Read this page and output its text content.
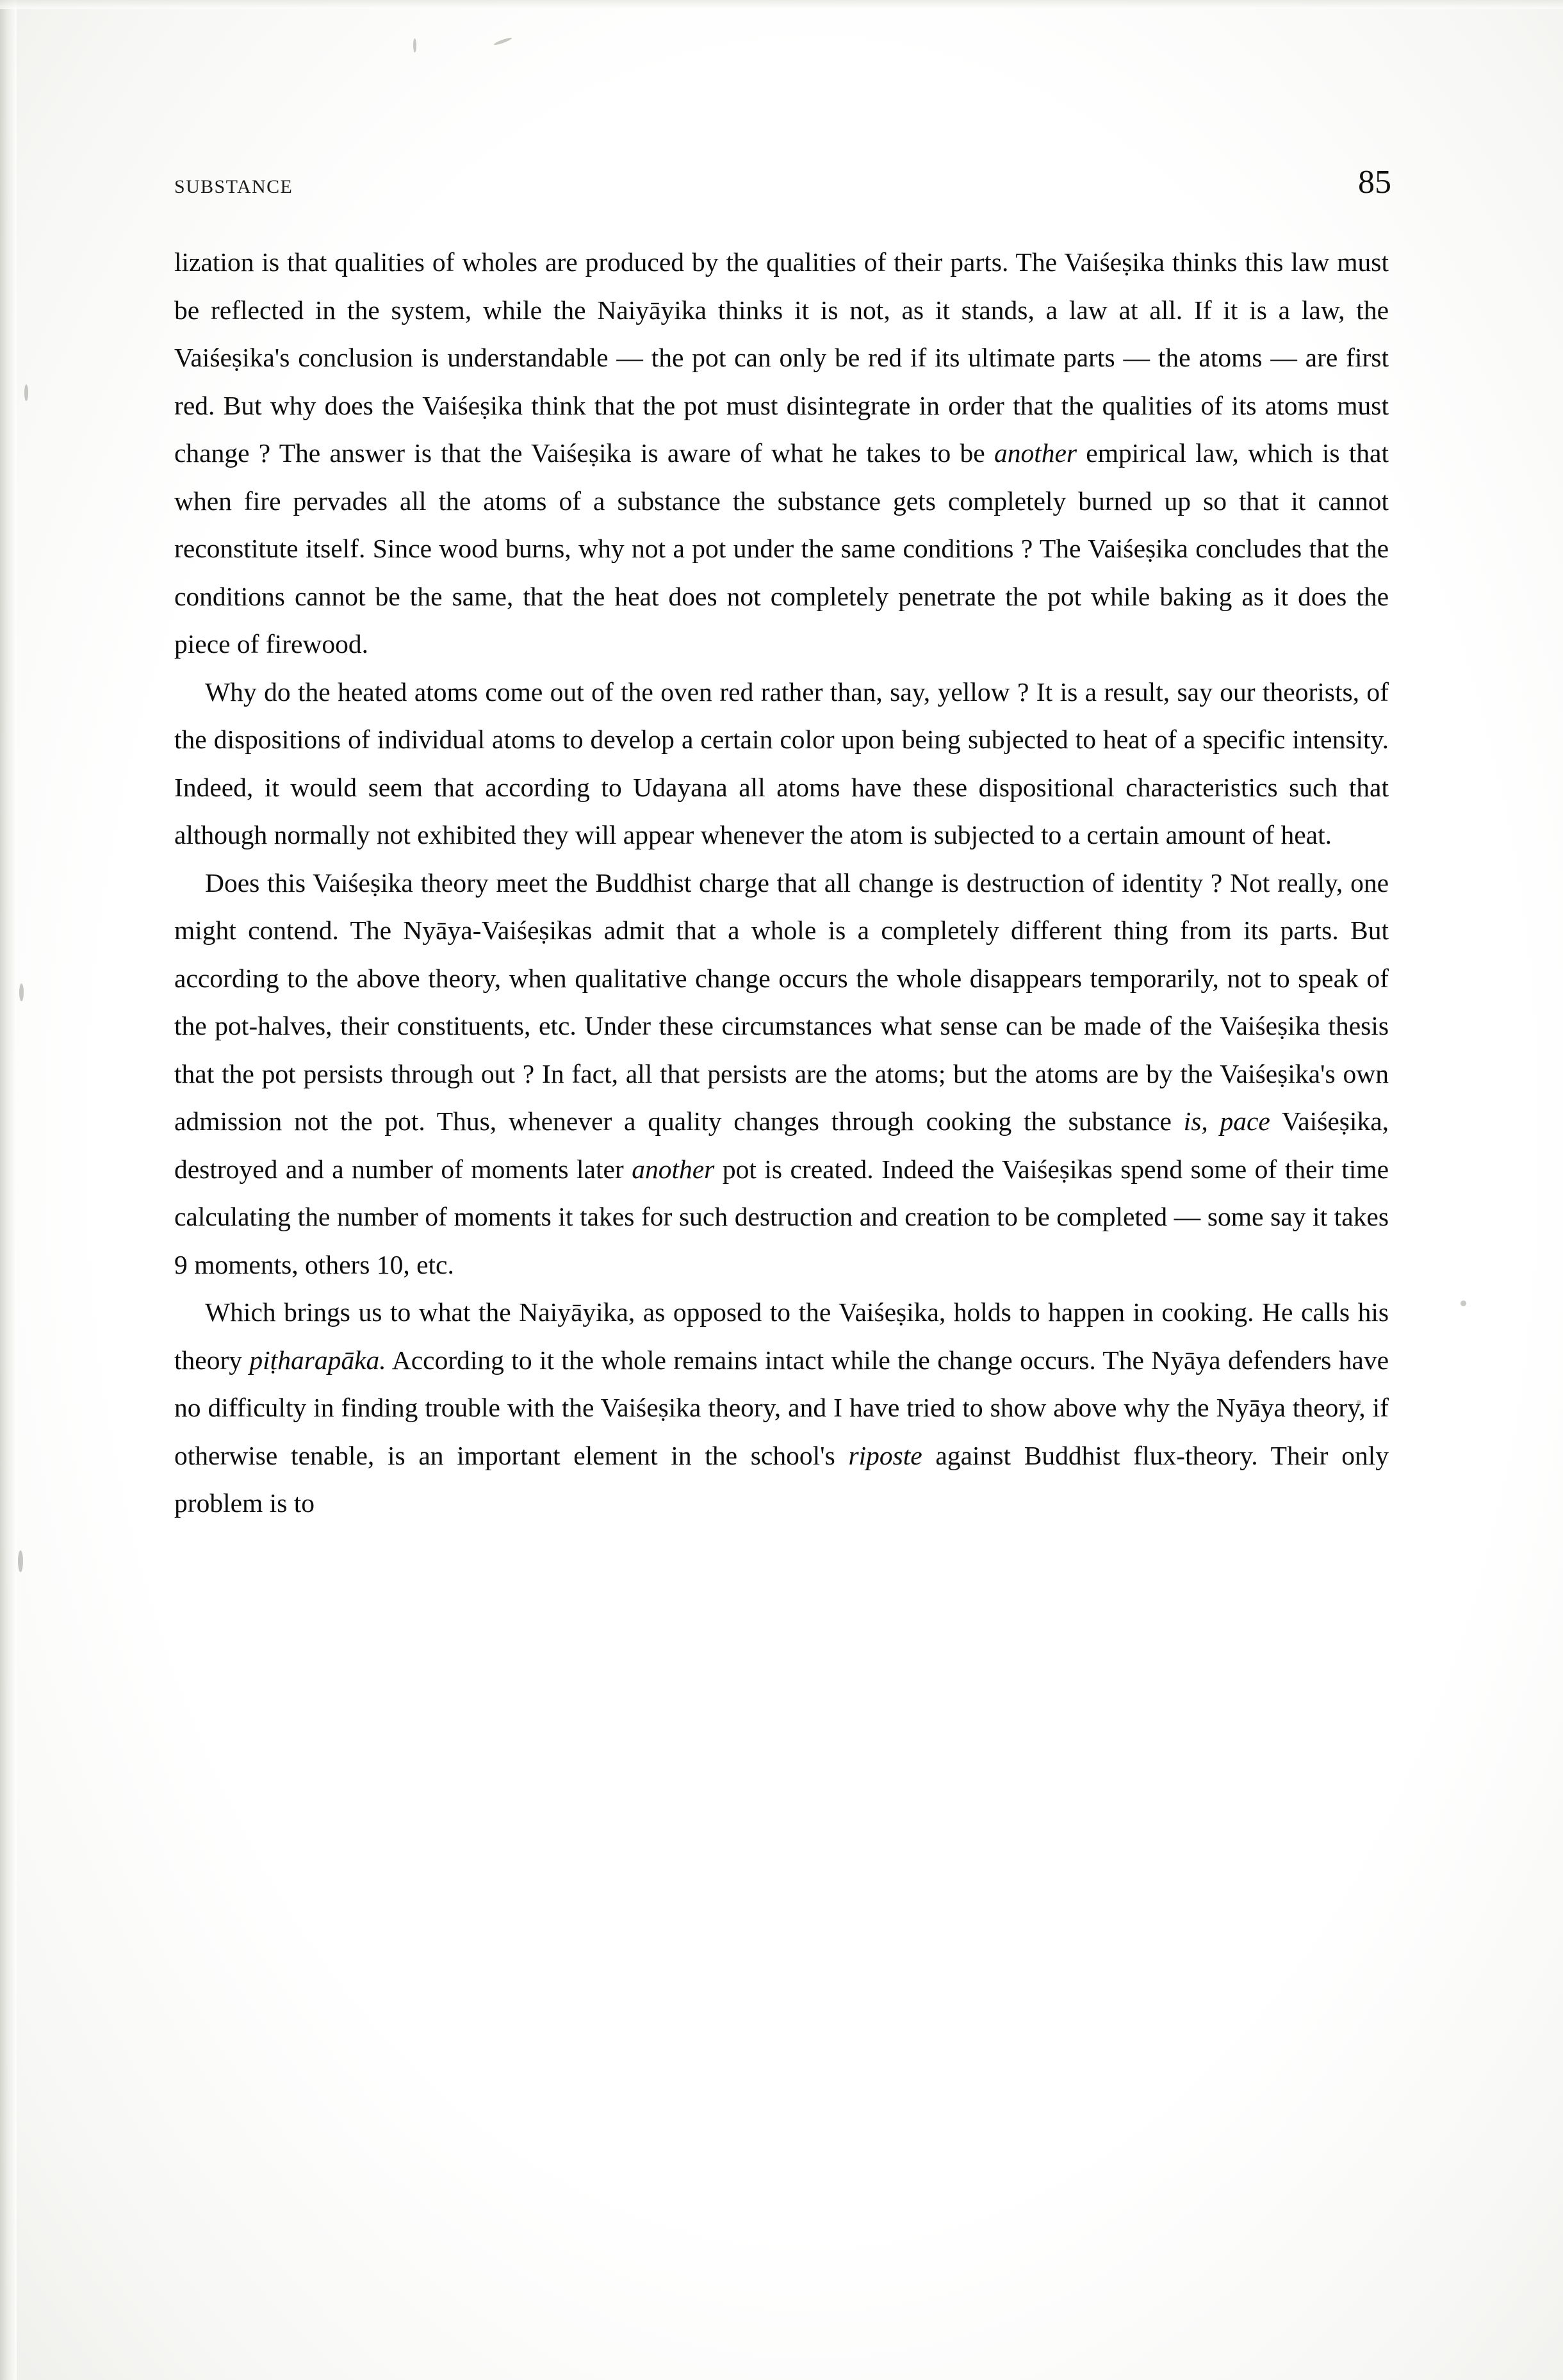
SUBSTANCE	85

lization is that qualities of wholes are produced by the qualities of their parts. The Vaiśeṣika thinks this law must be reflected in the system, while the Naiyāyika thinks it is not, as it stands, a law at all. If it is a law, the Vaiśeṣika's conclusion is understandable — the pot can only be red if its ultimate parts — the atoms — are first red. But why does the Vaiśeṣika think that the pot must disintegrate in order that the qualities of its atoms must change ? The answer is that the Vaiśeṣika is aware of what he takes to be another empirical law, which is that when fire pervades all the atoms of a substance the substance gets completely burned up so that it cannot reconstitute itself. Since wood burns, why not a pot under the same conditions ? The Vaiśeṣika concludes that the conditions cannot be the same, that the heat does not completely penetrate the pot while baking as it does the piece of firewood.

Why do the heated atoms come out of the oven red rather than, say, yellow ? It is a result, say our theorists, of the dispositions of individual atoms to develop a certain color upon being subjected to heat of a specific intensity. Indeed, it would seem that according to Udayana all atoms have these dispositional characteristics such that although normally not exhibited they will appear whenever the atom is subjected to a certain amount of heat.

Does this Vaiśeṣika theory meet the Buddhist charge that all change is destruction of identity ? Not really, one might contend. The Nyāya-Vaiśeṣikas admit that a whole is a completely different thing from its parts. But according to the above theory, when qualitative change occurs the whole disappears temporarily, not to speak of the pot-halves, their constituents, etc. Under these circumstances what sense can be made of the Vaiśeṣika thesis that the pot persists through out ? In fact, all that persists are the atoms; but the atoms are by the Vaiśeṣika's own admission not the pot. Thus, whenever a quality changes through cooking the substance is, pace Vaiśeṣika, destroyed and a number of moments later another pot is created. Indeed the Vaiśeṣikas spend some of their time calculating the number of moments it takes for such destruction and creation to be completed — some say it takes 9 moments, others 10, etc.

Which brings us to what the Naiyāyika, as opposed to the Vaiśeṣika, holds to happen in cooking. He calls his theory piṭharapāka. According to it the whole remains intact while the change occurs. The Nyāya defenders have no difficulty in finding trouble with the Vaiśeṣika theory, and I have tried to show above why the Nyāya theory, if otherwise tenable, is an important element in the school's riposte against Buddhist flux-theory. Their only problem is to
